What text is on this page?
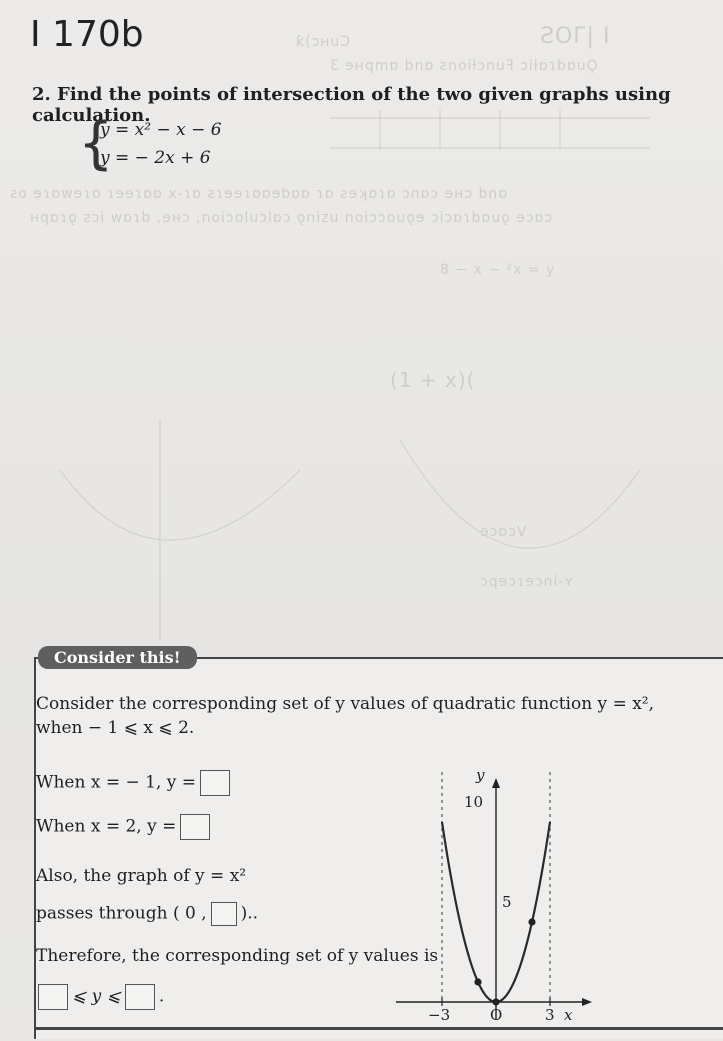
ƙ(ɔʜuϽ
Ɛ ɘʜqmɒ bnɒ ƨnoiƚɔnuꟻ ɔiƚɒɿbɒuϘ
ƧOΓ| I
ƨo ɘɿɒwɘɿɒ ɿɘɘɿɒɒ x-ɿɒ ƨɿɘɘɿɒɒɘbɒɒ ɿɒ ƨɘʞɒɿɒ ɔnɒɔ ɘʜɔ bnɒ
ʜqɒɿǫ ƨɔi wɒɿb ,ɘʜɔ ,noiɔɒluɔlɒɔ ǫnizu noiɔɔɒuǫɘ ɔiɔɒɿbɒuǫ ɘɔɒɔ
8 − x − ²x = y
(1 + x)(
ɘɔɒɔV
ɔqɘɔɿɘɔni-ʏ
I 170b
2. Find the points of intersection of the two given graphs using calculation.
{
y = x² − x − 6
y = − 2x + 6
Consider this!
Consider the corresponding set of y values of quadratic function y = x²,
when − 1 ⩽ x ⩽ 2.
When x = − 1, y =
When x = 2, y =
Also, the graph of y = x²
passes through ( 0 , )..
Therefore, the corresponding set of y values is
⩽ y ⩽ .
y
10
5
−3	O	3 x
